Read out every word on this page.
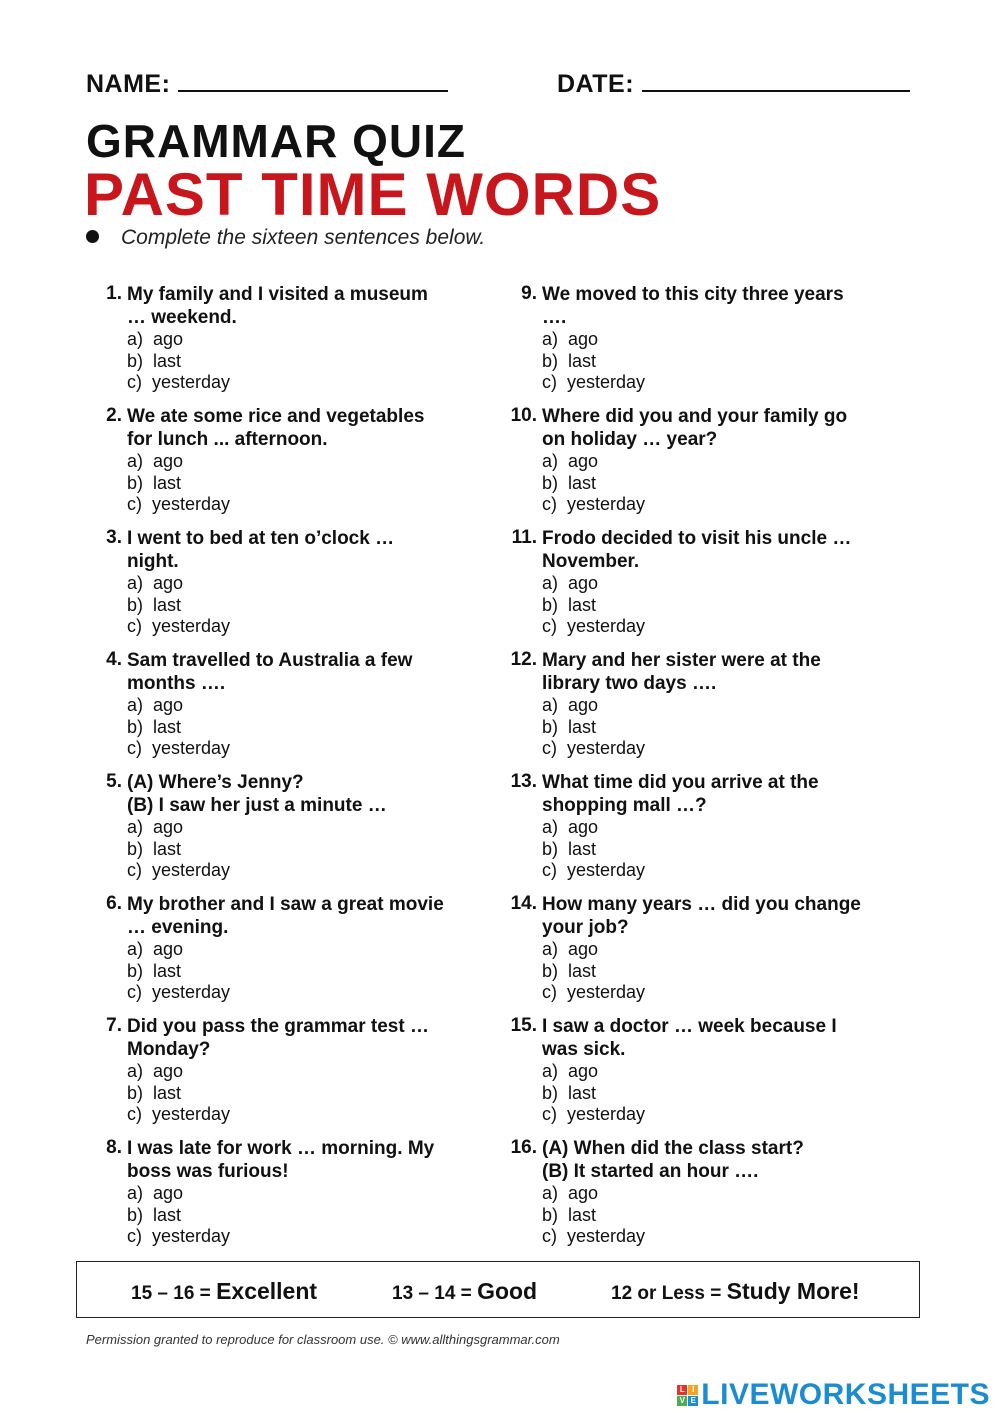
NAME:	DATE:
GRAMMAR QUIZ
PAST TIME WORDS
Complete the sixteen sentences below.
1. My family and I visited a museum
… weekend.
a)  ago
b)  last
c)  yesterday
2. We ate some rice and vegetables
for lunch ... afternoon.
a)  ago
b)  last
c)  yesterday
3. I went to bed at ten o’clock …
night.
a)  ago
b)  last
c)  yesterday
4. Sam travelled to Australia a few
months ….
a)  ago
b)  last
c)  yesterday
5. (A) Where’s Jenny?
(B) I saw her just a minute …
a)  ago
b)  last
c)  yesterday
6. My brother and I saw a great movie
… evening.
a)  ago
b)  last
c)  yesterday
7. Did you pass the grammar test …
Monday?
a)  ago
b)  last
c)  yesterday
8. I was late for work … morning. My
boss was furious!
a)  ago
b)  last
c)  yesterday
9. We moved to this city three years
….
a)  ago
b)  last
c)  yesterday
10. Where did you and your family go
on holiday … year?
a)  ago
b)  last
c)  yesterday
11. Frodo decided to visit his uncle …
November.
a)  ago
b)  last
c)  yesterday
12. Mary and her sister were at the
library two days ….
a)  ago
b)  last
c)  yesterday
13. What time did you arrive at the
shopping mall …?
a)  ago
b)  last
c)  yesterday
14. How many years … did you change
your job?
a)  ago
b)  last
c)  yesterday
15. I saw a doctor … week because I
was sick.
a)  ago
b)  last
c)  yesterday
16. (A) When did the class start?
(B) It started an hour ….
a)  ago
b)  last
c)  yesterday
15 – 16 = Excellent	13 – 14 = Good	12 or Less = Study More!
Permission granted to reproduce for classroom use. © www.allthingsgrammar.com
L I
V E LIVEWORKSHEETS
